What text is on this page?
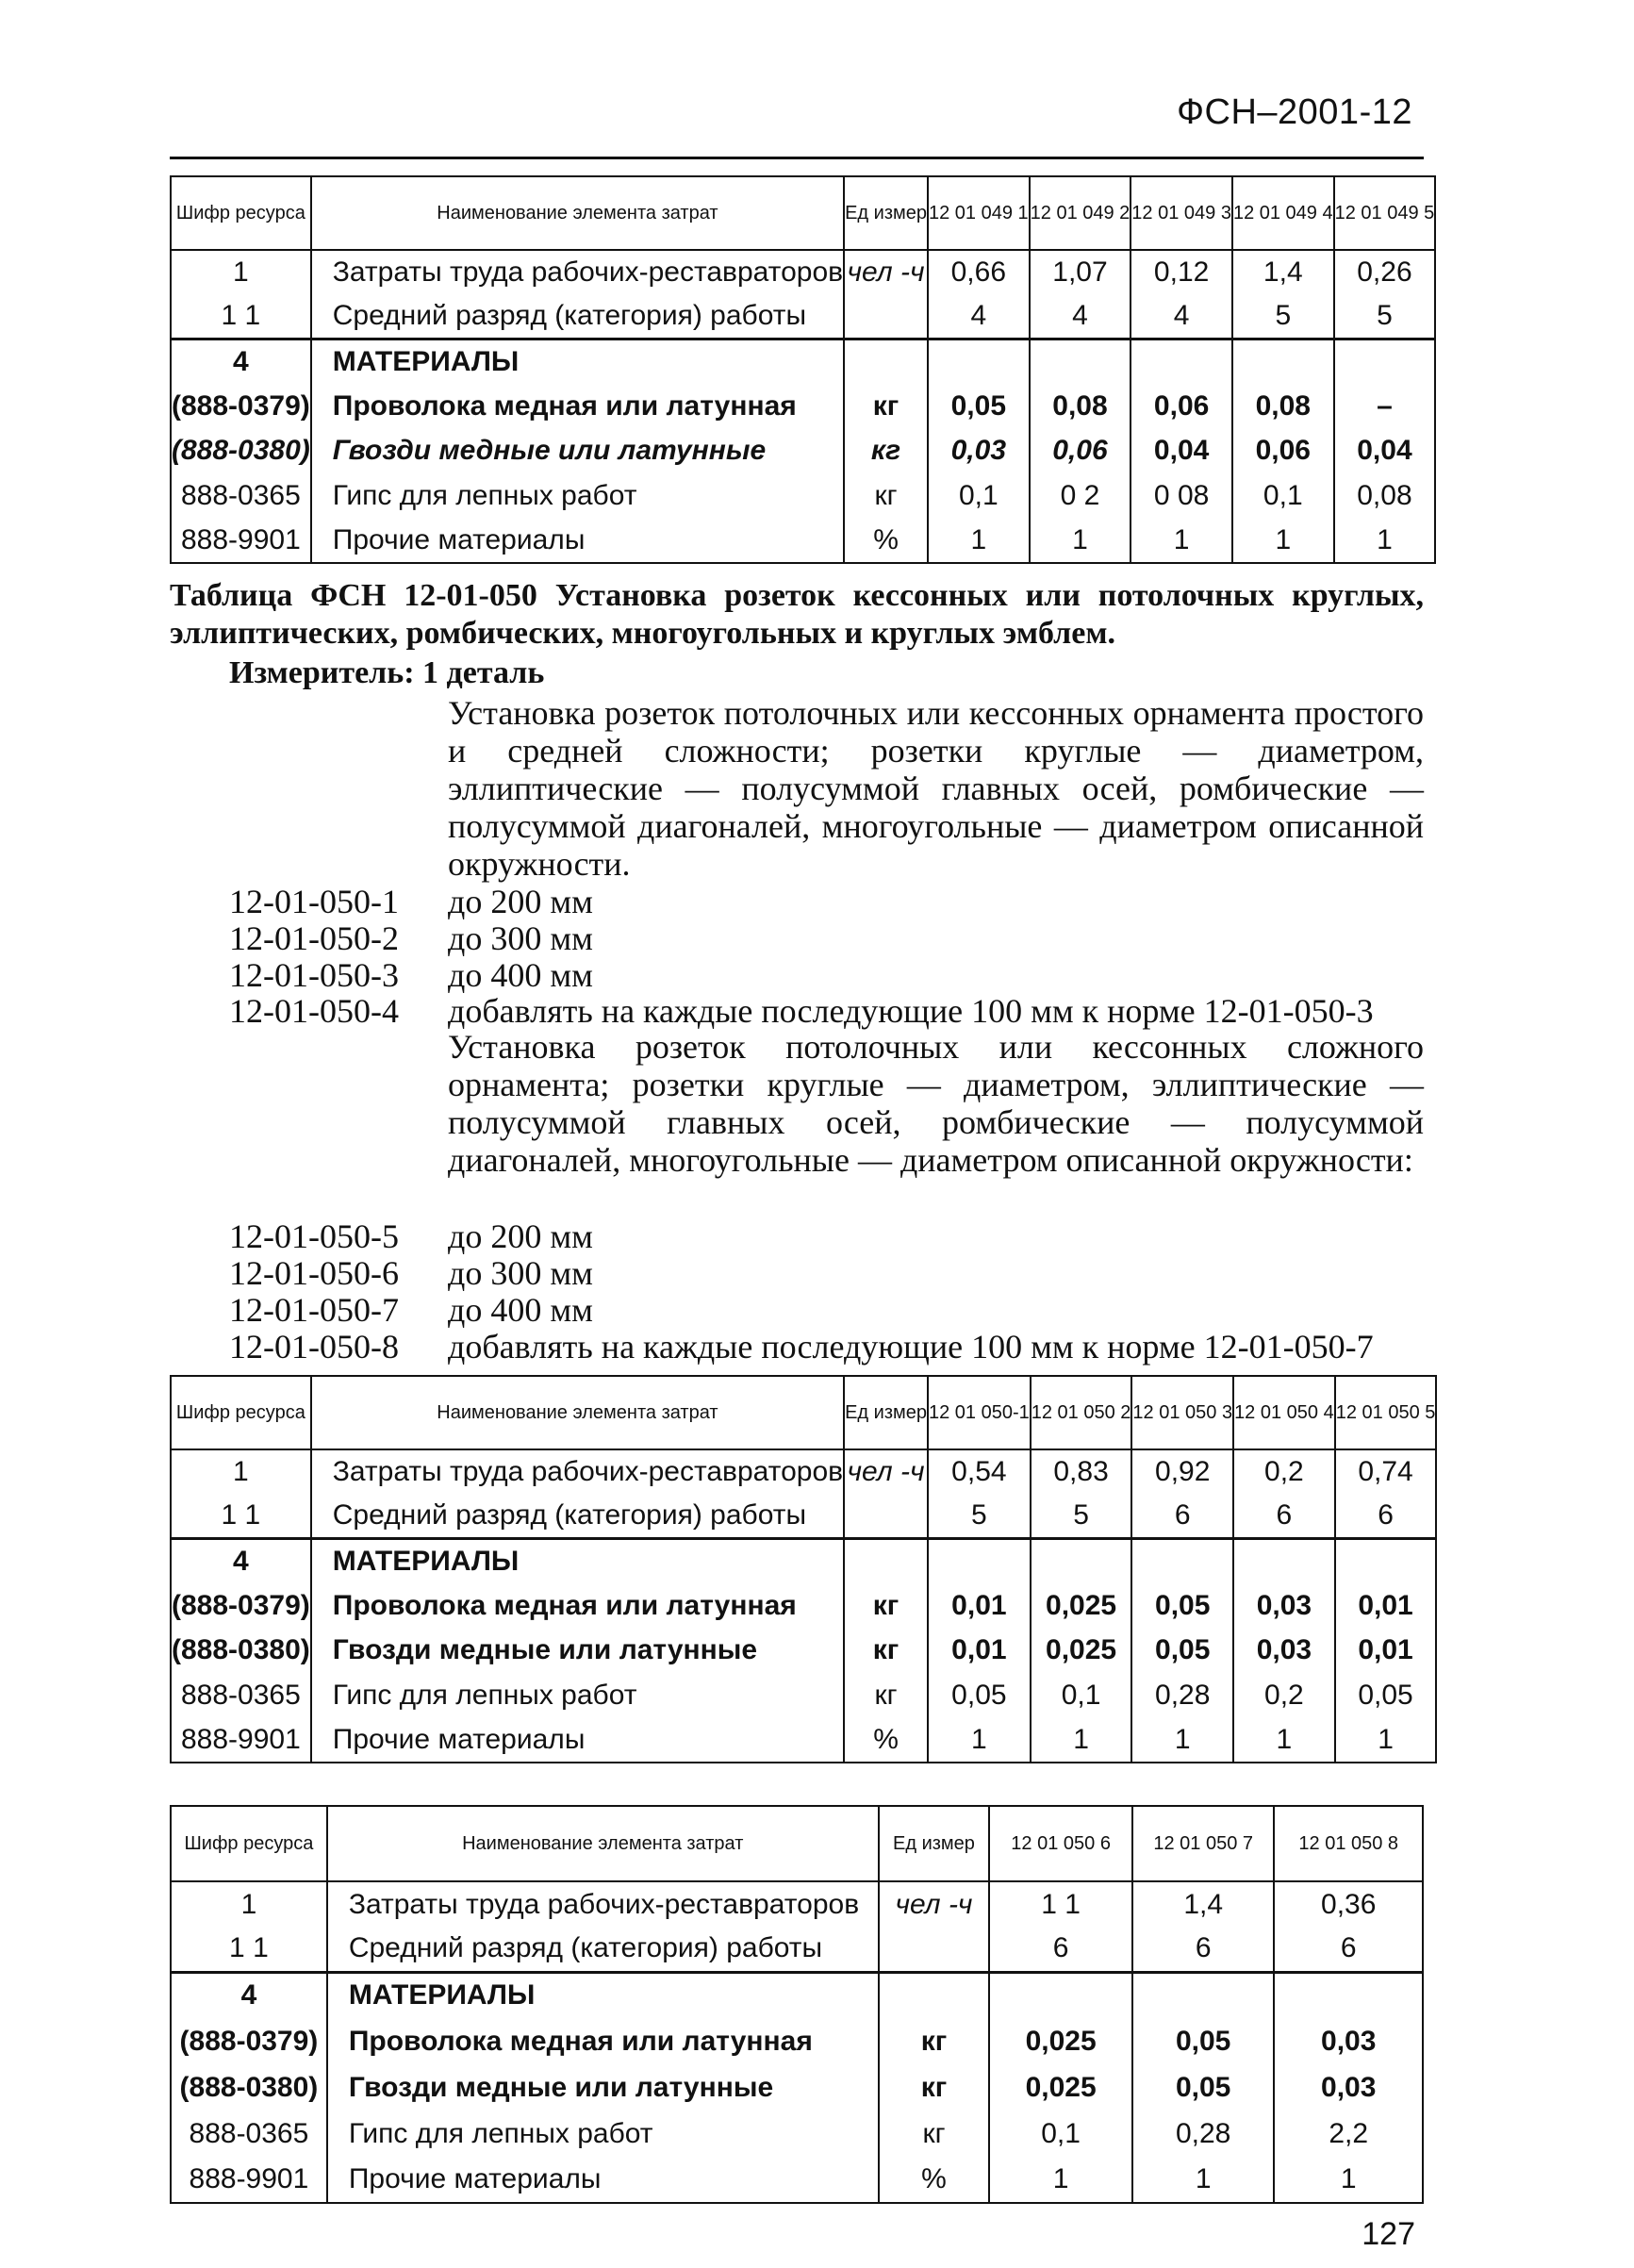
ФСН–2001-12
Шифр ресурса	Наименование элемента затрат	Ед измер	12 01 049 1	12 01 049 2	12 01 049 3	12 01 049 4	12 01 049 5
1	Затраты труда рабочих-реставраторов	чел -ч	0,66	1,07	0,12	1,4	0,26
1 1	Средний разряд (категория) работы		4	4	4	5	5
4	МАТЕРИАЛЫ						
(888-0379)	Проволока медная или латунная	кг	0,05	0,08	0,06	0,08	–
(888-0380)	Гвозди медные или латунные	кг	0,03	0,06	0,04	0,06	0,04
888-0365	Гипс для лепных работ	кг	0,1	0 2	0 08	0,1	0,08
888-9901	Прочие материалы	%	1	1	1	1	1
Таблица ФСН 12-01-050 Установка розеток кессонных или потолочных круглых, эллиптических, ромбических, многоугольных и круглых эмблем.
Измеритель: 1 деталь
Установка розеток потолочных или кессонных орнамента простого и средней сложности; розетки круглые — диаметром, эллиптические — полусуммой главных осей, ромбические — полусуммой диагоналей, многоугольные — диаметром описанной окружности.
12-01-050-1 до 200 мм
12-01-050-2 до 300 мм
12-01-050-3 до 400 мм
12-01-050-4 добавлять на каждые последующие 100 мм к норме 12-01-050-3
Установка розеток потолочных или кессонных сложного орнамента; розетки круглые — диаметром, эллиптические — полусуммой главных осей, ромбические — полусуммой диагоналей, многоугольные — диаметром описанной окружности:
12-01-050-5 до 200 мм
12-01-050-6 до 300 мм
12-01-050-7 до 400 мм
12-01-050-8 добавлять на каждые последующие 100 мм к норме 12-01-050-7
Шифр ресурса	Наименование элемента затрат	Ед измер	12 01 050-1	12 01 050 2	12 01 050 3	12 01 050 4	12 01 050 5
1	Затраты труда рабочих-реставраторов	чел -ч	0,54	0,83	0,92	0,2	0,74
1 1	Средний разряд (категория) работы		5	5	6	6	6
4	МАТЕРИАЛЫ						
(888-0379)	Проволока медная или латунная	кг	0,01	0,025	0,05	0,03	0,01
(888-0380)	Гвозди медные или латунные	кг	0,01	0,025	0,05	0,03	0,01
888-0365	Гипс для лепных работ	кг	0,05	0,1	0,28	0,2	0,05
888-9901	Прочие материалы	%	1	1	1	1	1
Шифр ресурса	Наименование элемента затрат	Ед измер	12 01 050 6	12 01 050 7	12 01 050 8
1	Затраты труда рабочих-реставраторов	чел -ч	1 1	1,4	0,36
1 1	Средний разряд (категория) работы		6	6	6
4	МАТЕРИАЛЫ				
(888-0379)	Проволока медная или латунная	кг	0,025	0,05	0,03
(888-0380)	Гвозди медные или латунные	кг	0,025	0,05	0,03
888-0365	Гипс для лепных работ	кг	0,1	0,28	2,2
888-9901	Прочие материалы	%	1	1	1
127
